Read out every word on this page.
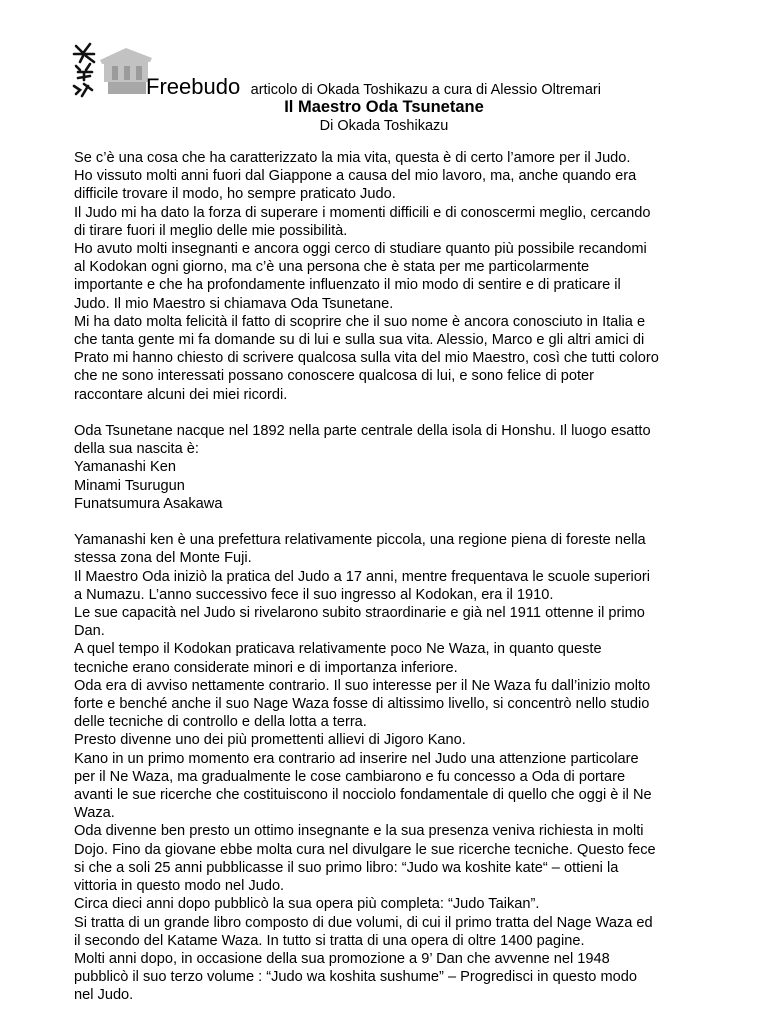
Freebudo articolo di Okada Toshikazu a cura di Alessio Oltremari
Il Maestro Oda Tsunetane
Di Okada Toshikazu

Se c’è una cosa che ha caratterizzato la mia vita, questa è di certo l’amore per il Judo.
Ho vissuto molti anni fuori dal Giappone a causa del mio lavoro, ma, anche quando era
difficile trovare il modo, ho sempre praticato Judo.
Il Judo mi ha dato la forza di superare i momenti difficili e di conoscermi meglio, cercando
di tirare fuori il meglio delle mie possibilità.
Ho avuto molti insegnanti e ancora oggi cerco di studiare quanto più possibile recandomi
al Kodokan ogni giorno, ma c’è una persona che è stata per me particolarmente
importante e che ha profondamente influenzato il mio modo di sentire e di praticare il
Judo. Il mio Maestro si chiamava Oda Tsunetane.
Mi ha dato molta felicità il fatto di scoprire che il suo nome è ancora conosciuto in Italia e
che tanta gente mi fa domande su di lui e sulla sua vita. Alessio, Marco e gli altri amici di
Prato mi hanno chiesto di scrivere qualcosa sulla vita del mio Maestro, così che tutti coloro
che ne sono interessati possano conoscere qualcosa di lui, e sono felice di poter
raccontare alcuni dei miei ricordi.

Oda Tsunetane nacque nel 1892 nella parte centrale della isola di Honshu. Il luogo esatto
della sua nascita è:
Yamanashi Ken
Minami Tsurugun
Funatsumura Asakawa

Yamanashi ken è una prefettura relativamente piccola, una regione piena di foreste nella
stessa zona del Monte Fuji.
Il Maestro Oda iniziò la pratica del Judo a 17 anni, mentre frequentava le scuole superiori
a Numazu. L’anno successivo fece il suo ingresso al Kodokan, era il 1910.
Le sue capacità nel Judo si rivelarono subito straordinarie e già nel 1911 ottenne il primo
Dan.
A quel tempo il Kodokan praticava relativamente poco Ne Waza, in quanto queste
tecniche erano considerate minori e di importanza inferiore.
Oda era di avviso nettamente contrario. Il suo interesse per il Ne Waza fu dall’inizio molto
forte e benché anche il suo Nage Waza fosse di altissimo livello, si concentrò nello studio
delle tecniche di controllo e della lotta a terra.
Presto divenne uno dei più promettenti allievi di Jigoro Kano.
Kano in un primo momento era contrario ad inserire nel Judo una attenzione particolare
per il Ne Waza, ma gradualmente le cose cambiarono e fu concesso a Oda di portare
avanti le sue ricerche che costituiscono il nocciolo fondamentale di quello che oggi è il Ne
Waza.
Oda divenne ben presto un ottimo insegnante e la sua presenza veniva richiesta in molti
Dojo. Fino da giovane ebbe molta cura nel divulgare le sue ricerche tecniche. Questo fece
si che a soli 25 anni pubblicasse il suo primo libro: “Judo wa koshite kate“ – ottieni la
vittoria in questo modo nel Judo.
Circa dieci anni dopo pubblicò la sua opera più completa: “Judo Taikan”.
Si tratta di un grande libro composto di due volumi, di cui il primo tratta del Nage Waza ed
il secondo del Katame Waza. In tutto si tratta di una opera di oltre 1400 pagine.
Molti anni dopo, in occasione della sua promozione a 9’ Dan che avvenne nel 1948
pubblicò il suo terzo volume : “Judo wa koshita sushume” – Progredisci in questo modo
nel Judo.
